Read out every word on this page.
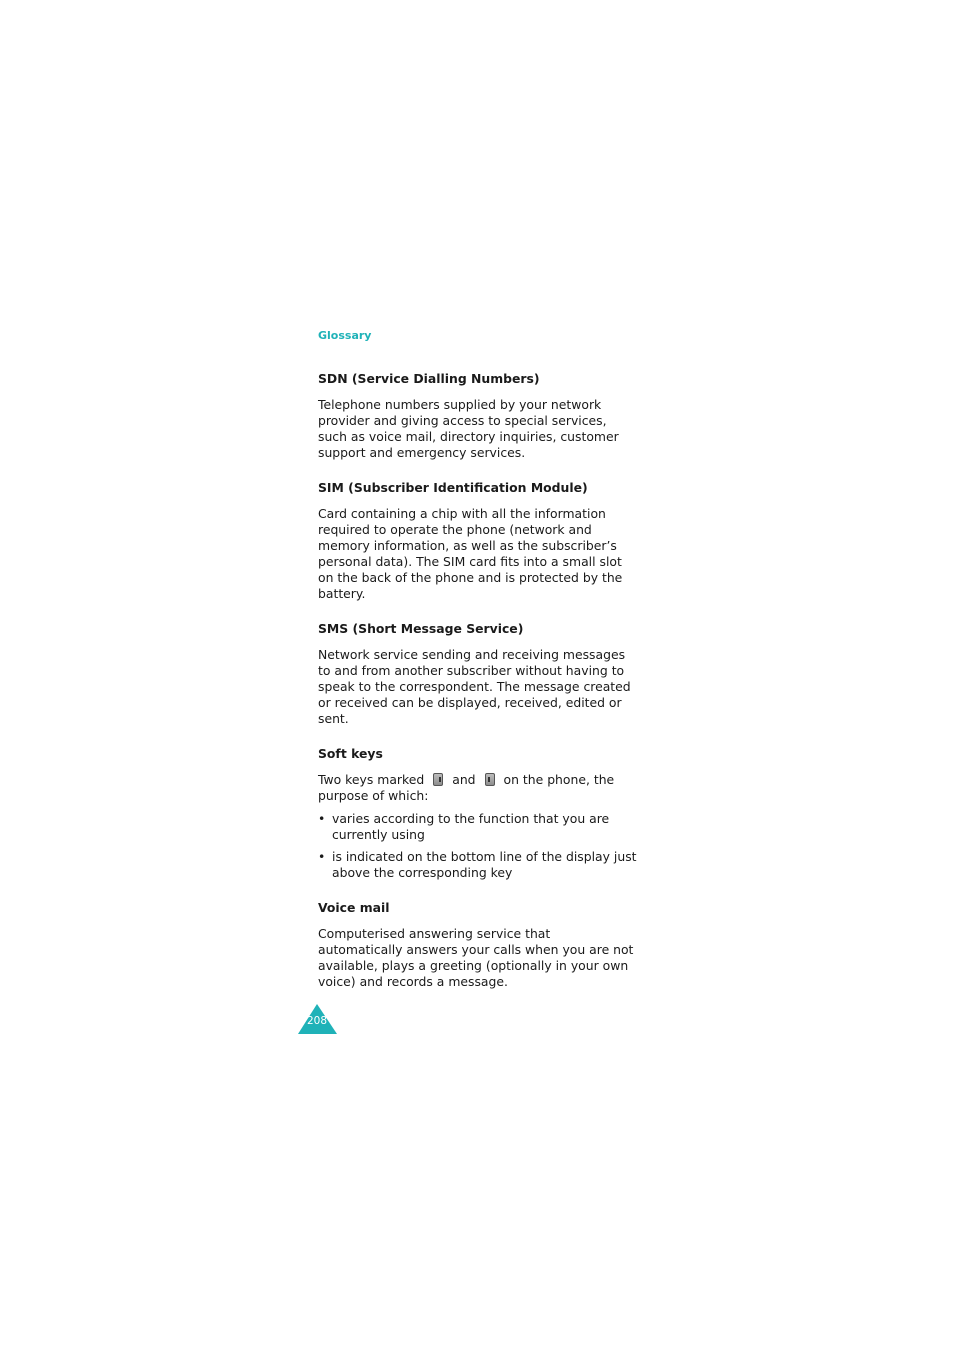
Glossary
SDN (Service Dialling Numbers)
Telephone numbers supplied by your network provider and giving access to special services, such as voice mail, directory inquiries, customer support and emergency services.
SIM (Subscriber Identification Module)
Card containing a chip with all the information required to operate the phone (network and memory information, as well as the subscriber’s personal data). The SIM card fits into a small slot on the back of the phone and is protected by the battery.
SMS (Short Message Service)
Network service sending and receiving messages to and from another subscriber without having to speak to the correspondent. The message created or received can be displayed, received, edited or sent.
Soft keys
Two keys marked and on the phone, the purpose of which:
• varies according to the function that you are currently using
• is indicated on the bottom line of the display just above the corresponding key
Voice mail
Computerised answering service that automatically answers your calls when you are not available, plays a greeting (optionally in your own voice) and records a message.
208
